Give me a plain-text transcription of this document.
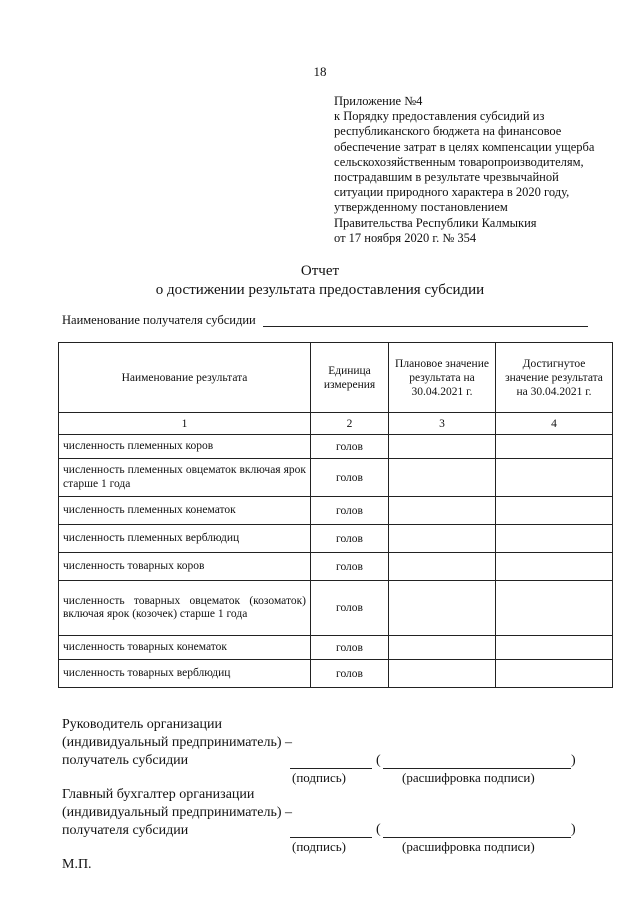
18
Приложение №4
к Порядку предоставления субсидий из
республиканского бюджета на финансовое
обеспечение затрат в целях компенсации ущерба
сельскохозяйственным товаропроизводителям,
пострадавшим в результате чрезвычайной
ситуации природного характера в 2020 году,
утвержденному постановлением
Правительства Республики Калмыкия
от 17 ноября 2020 г. № 354
Отчет
о достижении результата предоставления субсидии
Наименование получателя субсидии
Наименование результата	Единица измерения	Плановое значение результата на 30.04.2021 г.	Достигнутое значение результата на 30.04.2021 г.
1	2	3	4
численность племенных коров	голов		
численность племенных овцематок включая ярок старше 1 года	голов		
численность племенных конематок	голов		
численность племенных верблюдиц	голов		
численность товарных коров	голов		
численность товарных овцематок (козоматок) включая ярок (козочек) старше 1 года	голов		
численность товарных конематок	голов		
численность товарных верблюдиц	голов		
Руководитель организации
(индивидуальный предприниматель) –
получатель субсидии	(	)
(подпись)	(расшифровка подписи)
Главный бухгалтер организации
(индивидуальный предприниматель) –
получателя субсидии	(	)
(подпись)	(расшифровка подписи)
М.П.
